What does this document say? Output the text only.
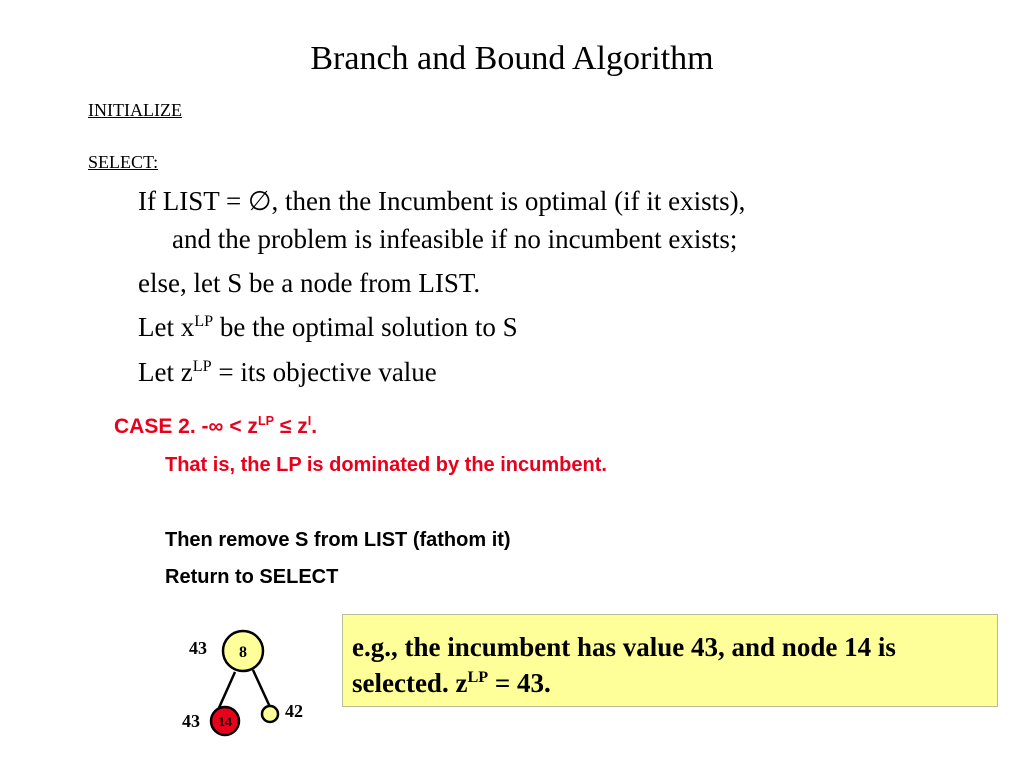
Branch and Bound Algorithm
INITIALIZE
SELECT:
If LIST = ∅, then the Incumbent is optimal (if it exists),
and the problem is infeasible if no incumbent exists;
else, let S be a node from LIST.
Let $x^{LP}$ be the optimal solution to S
Let $z^{LP}$ = its objective value
CASE 2. -∞ < $z^{LP} \le z^I$.
That is, the LP is dominated by the incumbent.
Then remove S from LIST (fathom it)
Return to SELECT
e.g., the incumbent has value 43, and node 14 is selected. $z^{LP} = 43$.
8
14
43
43	42
